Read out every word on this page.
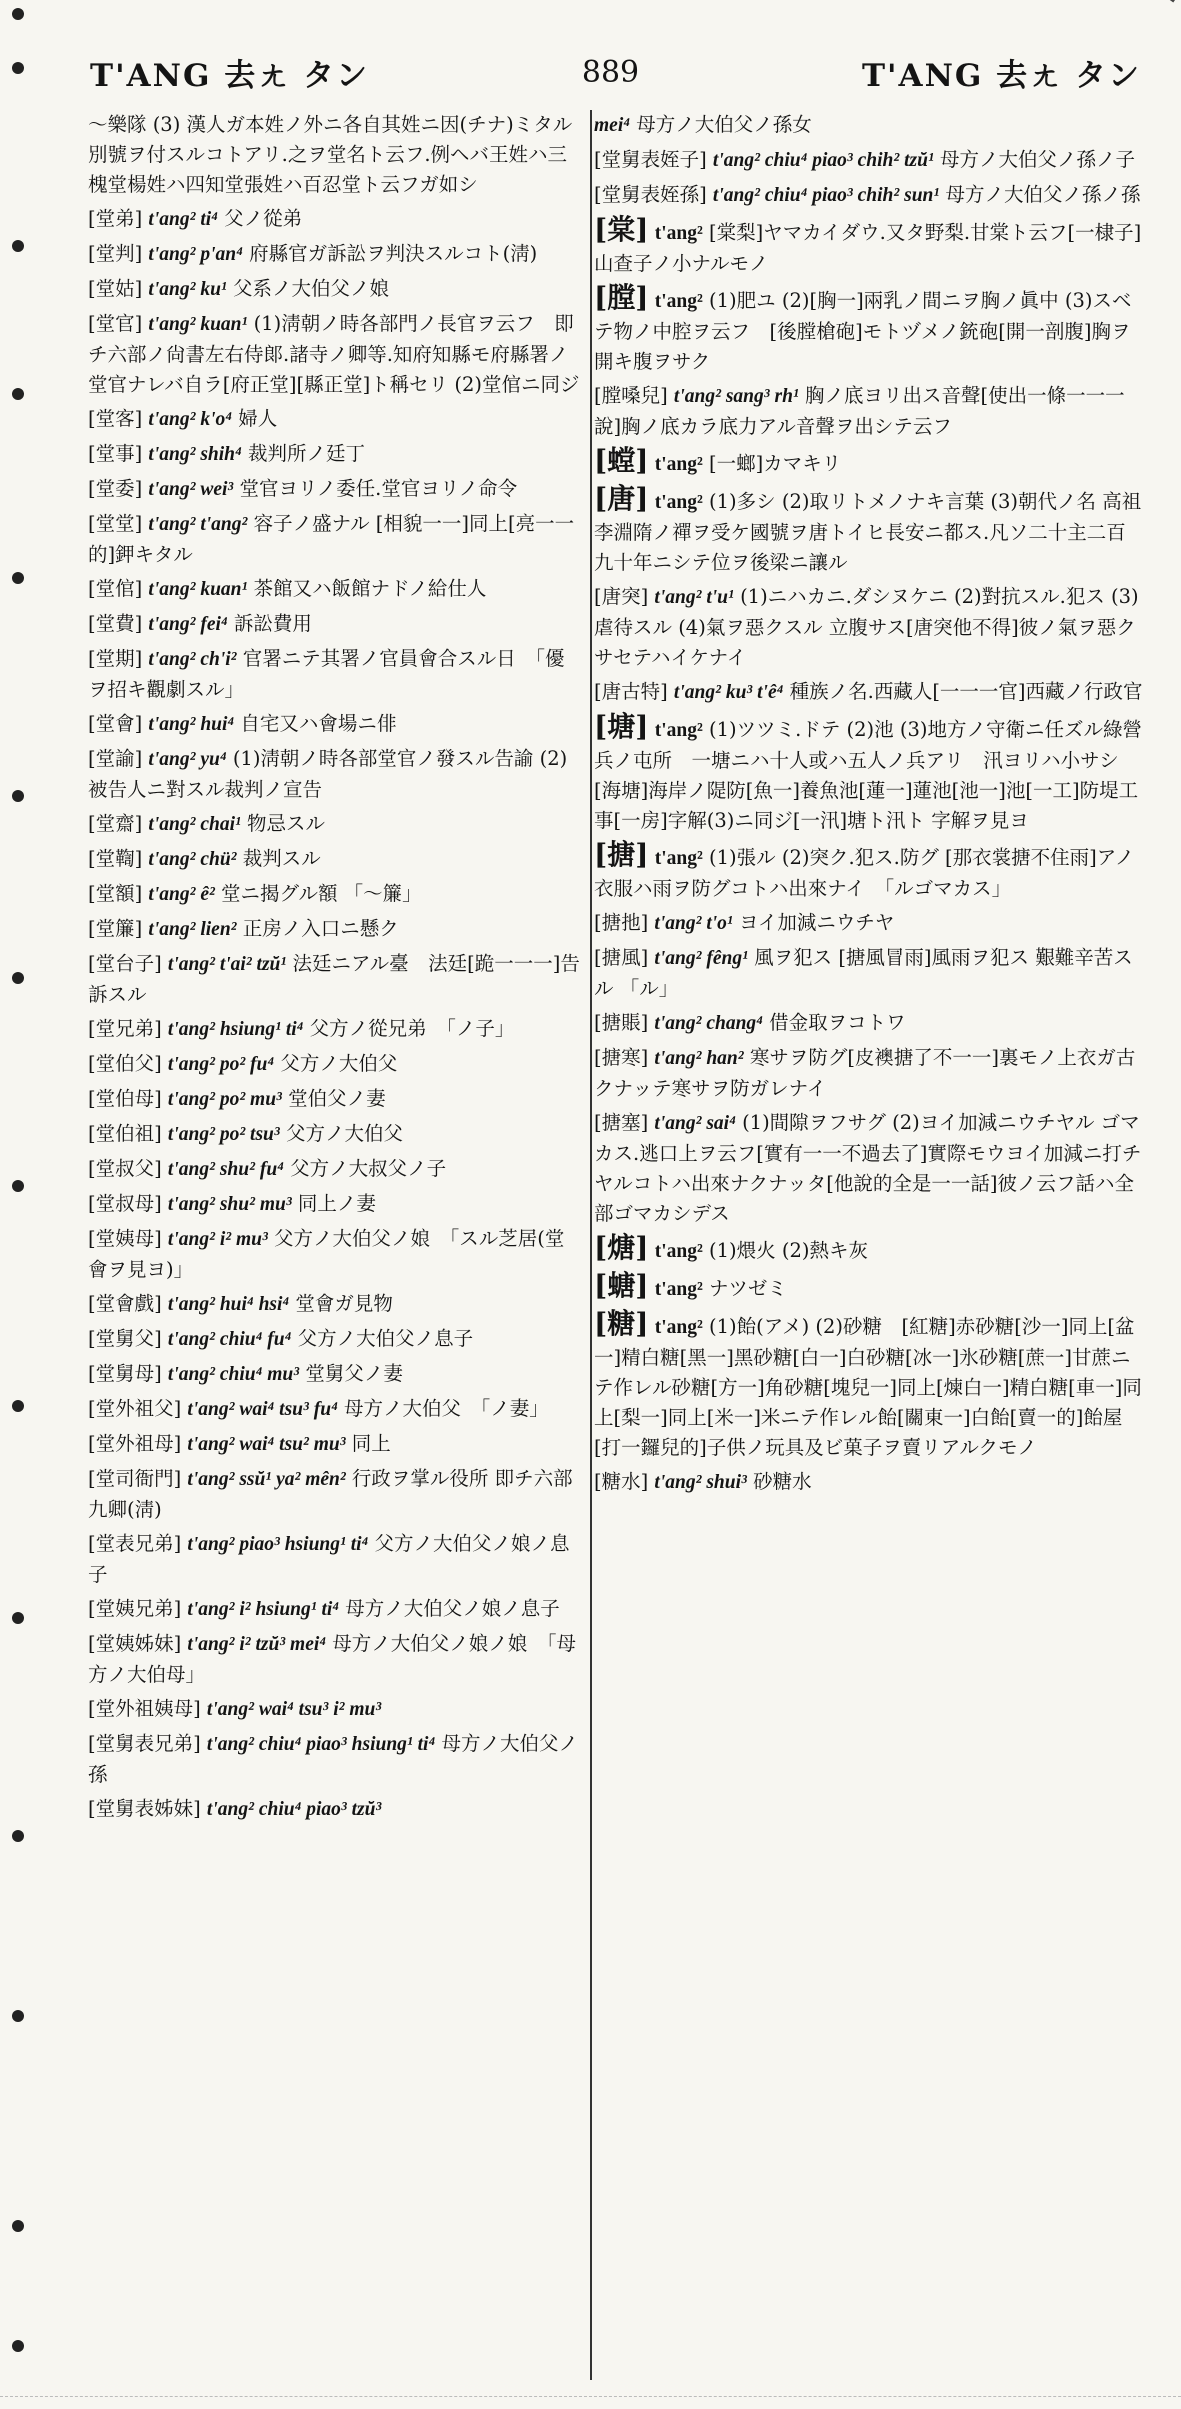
T'ANG 去ㄤ タン	889	T'ANG 去ㄤ タン
〜樂隊 (3) 漢人ガ本姓ノ外ニ各自其姓ニ因(チナ)ミタル別號ヲ付スルコトアリ.之ヲ堂名ト云フ.例ヘバ王姓ハ三槐堂楊姓ハ四知堂張姓ハ百忍堂ト云フガ如シ
[堂弟] t'ang² ti⁴ 父ノ從弟
[堂判] t'ang² p'an⁴ 府縣官ガ訴訟ヲ判決スルコト(淸)
[堂姑] t'ang² ku¹ 父系ノ大伯父ノ娘
[堂官] t'ang² kuan¹ (1)淸朝ノ時各部門ノ長官ヲ云フ　即チ六部ノ尙書左右侍郞.諸寺ノ卿等.知府知縣モ府縣署ノ堂官ナレバ自ラ[府正堂][縣正堂]ト稱セリ (2)堂倌ニ同ジ
[堂客] t'ang² k'o⁴ 婦人
[堂事] t'ang² shih⁴ 裁判所ノ廷丁
[堂委] t'ang² wei³ 堂官ヨリノ委任.堂官ヨリノ命令
[堂堂] t'ang² t'ang² 容子ノ盛ナル [相貌一一]同上[亮一一的]鉀キタル
[堂倌] t'ang² kuan¹ 茶館又ハ飯館ナドノ給仕人
[堂費] t'ang² fei⁴ 訴訟費用
[堂期] t'ang² ch'i² 官署ニテ其署ノ官員會合スル日　「優ヲ招キ觀劇スル」
[堂會] t'ang² hui⁴ 自宅又ハ會場ニ俳
[堂諭] t'ang² yu⁴ (1)淸朝ノ時各部堂官ノ發スル告諭 (2)被告人ニ對スル裁判ノ宣告
[堂齋] t'ang² chai¹ 物忌スル
[堂鞫] t'ang² chü² 裁判スル
[堂額] t'ang² ê² 堂ニ揭グル額 「〜簾」
[堂簾] t'ang² lien² 正房ノ入口ニ懸ク
[堂台子] t'ang² t'ai² tzŭ¹ 法廷ニアル臺　法廷[跪一一一]告訴スル
[堂兄弟] t'ang² hsiung¹ ti⁴ 父方ノ從兄弟　「ノ子」
[堂伯父] t'ang² po² fu⁴ 父方ノ大伯父
[堂伯母] t'ang² po² mu³ 堂伯父ノ妻
[堂伯祖] t'ang² po² tsu³ 父方ノ大伯父
[堂叔父] t'ang² shu² fu⁴ 父方ノ大叔父ノ子
[堂叔母] t'ang² shu² mu³ 同上ノ妻
[堂姨母] t'ang² i² mu³ 父方ノ大伯父ノ娘　「スル芝居(堂會ヲ見ヨ)」
[堂會戲] t'ang² hui⁴ hsi⁴ 堂會ガ見物
[堂舅父] t'ang² chiu⁴ fu⁴ 父方ノ大伯父ノ息子
[堂舅母] t'ang² chiu⁴ mu³ 堂舅父ノ妻
[堂外祖父] t'ang² wai⁴ tsu³ fu⁴ 母方ノ大伯父　「ノ妻」
[堂外祖母] t'ang² wai⁴ tsu² mu³ 同上
[堂司衙門] t'ang² ssŭ¹ ya² mên² 行政ヲ掌ル役所 即チ六部九卿(淸)
[堂表兄弟] t'ang² piao³ hsiung¹ ti⁴ 父方ノ大伯父ノ娘ノ息子
[堂姨兄弟] t'ang² i² hsiung¹ ti⁴ 母方ノ大伯父ノ娘ノ息子
[堂姨姊妹] t'ang² i² tzŭ³ mei⁴ 母方ノ大伯父ノ娘ノ娘　「母方ノ大伯母」
[堂外祖姨母] t'ang² wai⁴ tsu³ i² mu³
[堂舅表兄弟] t'ang² chiu⁴ piao³ hsiung¹ ti⁴ 母方ノ大伯父ノ孫
[堂舅表姊妹] t'ang² chiu⁴ piao³ tzŭ³
mei⁴ 母方ノ大伯父ノ孫女
[堂舅表姪子] t'ang² chiu⁴ piao³ chih² tzŭ¹ 母方ノ大伯父ノ孫ノ子
[堂舅表姪孫] t'ang² chiu⁴ piao³ chih² sun¹ 母方ノ大伯父ノ孫ノ孫
[棠] t'ang² [棠梨]ヤマカイダウ.又タ野梨.甘棠ト云フ[一棣子]山查子ノ小ナルモノ
[膛] t'ang² (1)肥ユ (2)[胸一]兩乳ノ間ニヲ胸ノ眞中 (3)スベテ物ノ中腔ヲ云フ　[後膛槍砲]モトヅメノ銃砲[開一剖腹]胸ヲ開キ腹ヲサク
[膛嗓兒] t'ang² sang³ rh¹ 胸ノ底ヨリ出ス音聲[使出一條一一一說]胸ノ底カラ底力アル音聲ヲ出シテ云フ
[螳] t'ang² [一螂]カマキリ
[唐] t'ang² (1)多シ (2)取リトメノナキ言葉 (3)朝代ノ名 高祖李淵隋ノ禪ヲ受ケ國號ヲ唐トイヒ長安ニ都ス.凡ソ二十主二百九十年ニシテ位ヲ後梁ニ讓ル
[唐突] t'ang² t'u¹ (1)ニハカニ.ダシヌケニ (2)對抗スル.犯ス (3)虐待スル (4)氣ヲ惡クスル 立腹サス[唐突他不得]彼ノ氣ヲ惡クサセテハイケナイ
[唐古特] t'ang² ku³ t'ê⁴ 種族ノ名.西藏人[一一一官]西藏ノ行政官
[塘] t'ang² (1)ツツミ.ドテ (2)池 (3)地方ノ守衛ニ任ズル綠營兵ノ屯所　一塘ニハ十人或ハ五人ノ兵アリ　汛ヨリハ小サシ　[海塘]海岸ノ隄防[魚一]養魚池[蓮一]蓮池[池一]池[一工]防堤工事[一房]字解(3)ニ同ジ[一汛]塘ト汛ト 字解ヲ見ヨ
[搪] t'ang² (1)張ル (2)突ク.犯ス.防グ [那衣裳搪不住雨]アノ衣服ハ雨ヲ防グコトハ出來ナイ　「ルゴマカス」
[搪扡] t'ang² t'o¹ ヨイ加減ニウチヤ
[搪風] t'ang² fêng¹ 風ヲ犯ス [搪風冒雨]風雨ヲ犯ス 艱難辛苦スル 「ル」
[搪賬] t'ang² chang⁴ 借金取ヲコトワ
[搪寒] t'ang² han² 寒サヲ防グ[皮襖搪了不一一]裏モノ上衣ガ古クナッテ寒サヲ防ガレナイ
[搪塞] t'ang² sai⁴ (1)間隙ヲフサグ (2)ヨイ加減ニウチヤル ゴマカス.逃口上ヲ云フ[實有一一不過去了]實際モウヨイ加減ニ打チヤルコトハ出來ナクナッタ[他說的全是一一話]彼ノ云フ話ハ全部ゴマカシデス
[煻] t'ang² (1)煨火 (2)熱キ灰
[螗] t'ang² ナツゼミ
[糖] t'ang² (1)飴(アメ) (2)砂糖　[紅糖]赤砂糖[沙一]同上[盆一]精白糖[黑一]黑砂糖[白一]白砂糖[冰一]氷砂糖[蔗一]甘蔗ニテ作レル砂糖[方一]角砂糖[塊兒一]同上[煉白一]精白糖[車一]同上[梨一]同上[米一]米ニテ作レル飴[關東一]白飴[賣一的]飴屋[打一鑼兒的]子供ノ玩具及ビ菓子ヲ賣リアルクモノ
[糖水] t'ang² shui³ 砂糖水
